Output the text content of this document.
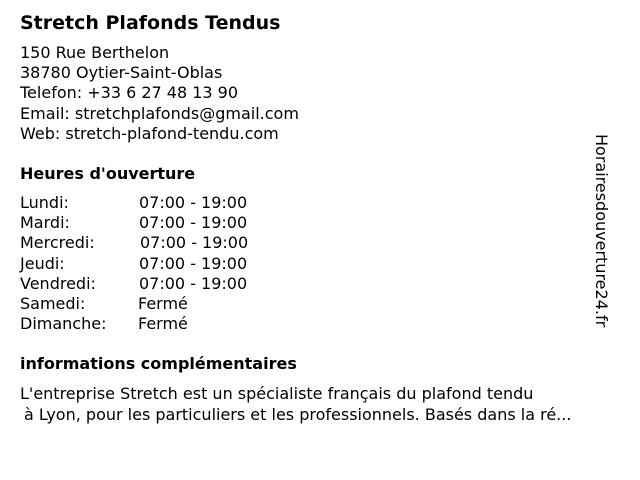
Stretch Plafonds Tendus
150 Rue Berthelon
38780 Oytier-Saint-Oblas
Telefon: +33 6 27 48 13 90
Email: stretchplafonds@gmail.com
Web: stretch-plafond-tendu.com
Heures d'ouverture
Lundi:	07:00 - 19:00
Mardi:	07:00 - 19:00
Mercredi:	07:00 - 19:00
Jeudi:	07:00 - 19:00
Vendredi:	07:00 - 19:00
Samedi:	Fermé
Dimanche: Fermé
informations complémentaires
L'entreprise Stretch est un spécialiste français du plafond tendu
à Lyon, pour les particuliers et les professionnels. Basés dans la ré...
Horairesdouverture24.fr
